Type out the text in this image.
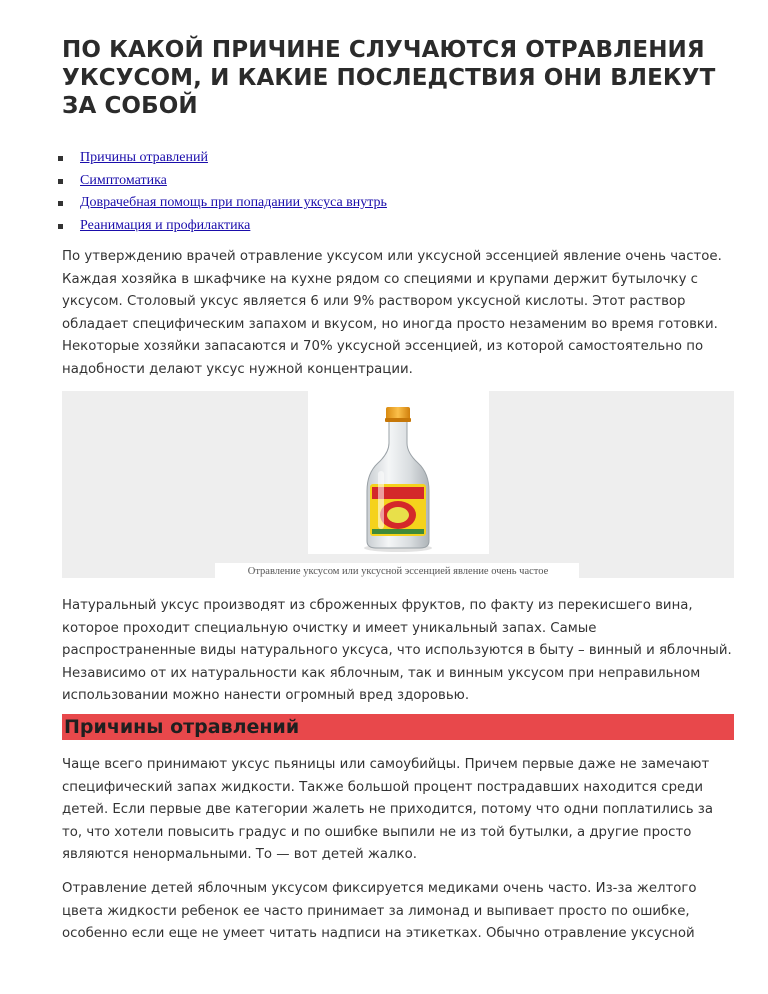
ПО КАКОЙ ПРИЧИНЕ СЛУЧАЮТСЯ ОТРАВЛЕНИЯ УКСУСОМ, И КАКИЕ ПОСЛЕДСТВИЯ ОНИ ВЛЕКУТ ЗА СОБОЙ
Причины отравлений
Симптоматика
Доврачебная помощь при попадании уксуса внутрь
Реанимация и профилактика

По утверждению врачей отравление уксусом или уксусной эссенцией явление очень частое. Каждая хозяйка в шкафчике на кухне рядом со специями и крупами держит бутылочку с уксусом. Столовый уксус является 6 или 9% раствором уксусной кислоты. Этот раствор обладает специфическим запахом и вкусом, но иногда просто незаменим во время готовки. Некоторые хозяйки запасаются и 70% уксусной эссенцией, из которой самостоятельно по надобности делают уксус нужной концентрации.

Отравление уксусом или уксусной эссенцией явление очень частое

Натуральный уксус производят из сброженных фруктов, по факту из перекисшего вина, которое проходит специальную очистку и имеет уникальный запах. Самые распространенные виды натурального уксуса, что используются в быту – винный и яблочный. Независимо от их натуральности как яблочным, так и винным уксусом при неправильном использовании можно нанести огромный вред здоровью.

Причины отравлений

Чаще всего принимают уксус пьяницы или самоубийцы. Причем первые даже не замечают специфический запах жидкости. Также большой процент пострадавших находится среди детей. Если первые две категории жалеть не приходится, потому что одни поплатились за то, что хотели повысить градус и по ошибке выпили не из той бутылки, а другие просто являются ненормальными. То — вот детей жалко.

Отравление детей яблочным уксусом фиксируется медиками очень часто. Из-за желтого цвета жидкости ребенок ее часто принимает за лимонад и выпивает просто по ошибке, особенно если еще не умеет читать надписи на этикетках. Обычно отравление уксусной
